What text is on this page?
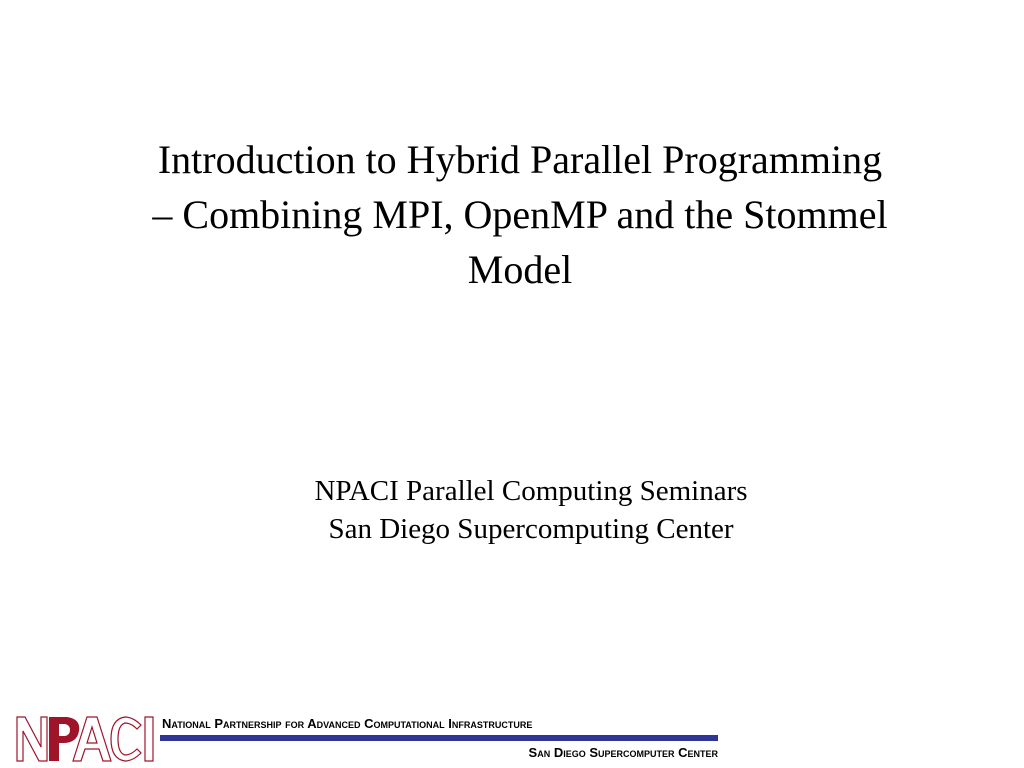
Introduction to Hybrid Parallel Programming
– Combining MPI, OpenMP and the Stommel
Model
NPACI Parallel Computing Seminars
San Diego Supercomputing Center
National Partnership for Advanced Computational Infrastructure
San Diego Supercomputer Center
